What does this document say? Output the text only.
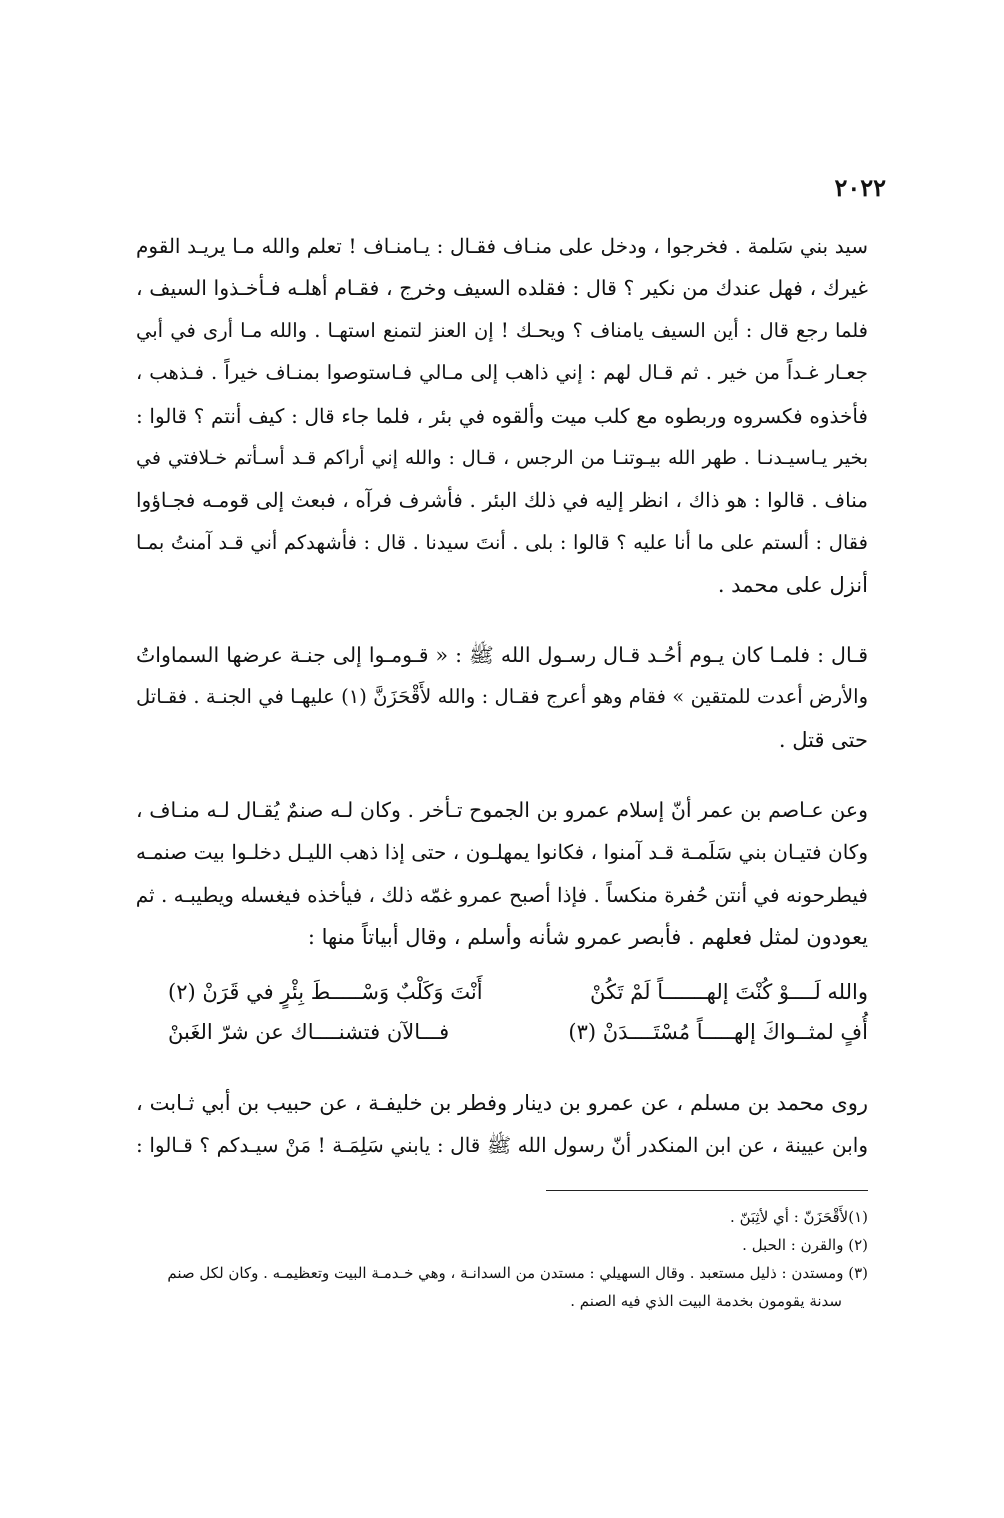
٢٠٢٢
سيد بني سَلمة . فخرجوا ، ودخل على منـاف فقـال : يـامنـاف ! تعلم والله مـا يريـد القوم
غيرك ، فهل عندك من نكير ؟ قال : فقلده السيف وخرج ، فقـام أهلـه فـأخـذوا السيف ،
فلما رجع قال : أين السيف يامناف ؟ ويحـك ! إن العنز لتمنع استهـا . والله مـا أرى في أبي
جعـار غـداً من خير . ثم قـال لهم : إني ذاهب إلى مـالي فـاستوصوا بمنـاف خيراً . فـذهب ،
فأخذوه فكسروه وربطوه مع كلب ميت وألقوه في بئر ، فلما جاء قال : كيف أنتم ؟ قالوا :
بخير يـاسيـدنـا . طهر الله بيـوتنـا من الرجس ، قـال : والله إني أراكم قـد أسـأتم خـلافتي في
مناف . قالوا : هو ذاك ، انظر إليه في ذلك البئر . فأشرف فرآه ، فبعث إلى قومـه فجـاؤوا
فقال : ألستم على ما أنا عليه ؟ قالوا : بلى . أنتَ سيدنا . قال : فأشهدكم أني قـد آمنتُ بمـا
أنزل على محمد .
قـال : فلمـا كان يـوم أحُـد قـال رسـول الله ﷺ : « قـومـوا إلى جنـة عرضها السماواتُ
والأرض أعدت للمتقين » فقام وهو أعرج فقـال : والله لأَقْحَزَنَّ (١) عليهـا في الجنـة . فقـاتل
حتى قتل .
وعن عـاصم بن عمر أنّ إسلام عمرو بن الجموح تـأخر . وكان لـه صنمٌ يُقـال لـه منـاف ،
وكان فتيـان بني سَلَمـة قـد آمنوا ، فكانوا يمهلـون ، حتى إذا ذهب الليـل دخلـوا بيت صنمـه
فيطرحونه في أنتن حُفرة منكساً . فإذا أصبح عمرو غمّه ذلك ، فيأخذه فيغسله ويطيبـه . ثم
يعودون لمثل فعلهم . فأبصر عمرو شأنه وأسلم ، وقال أبياتاً منها :
والله لَــــوْ كُنْتَ إلهـــــــاً لَمْ تَكُنْ
أَنْتَ وَكَلْبٌ وَسْـــــطَ بِئْرٍ في قَرَنْ (٢)
أُفٍ لمثــواكَ إلهـــــاً مُسْتَــــدَنْ (٣)
فـــالآن فتشنــــاك عن شرّ الغَبنْ
روى محمد بن مسلم ، عن عمرو بن دينار وفطر بن خليفـة ، عن حبيب بن أبي ثـابت ،
وابن عيينة ، عن ابن المنكدر أنّ رسول الله ﷺ قال : يابني سَلِمَـة ! مَنْ سيـدكم ؟ قـالوا :
(١)لأَقْحَزَنّ : أي لأثِبَنّ .
(٢) والقرن : الحبل .
(٣) ومستدن : ذليل مستعبد . وقال السهيلي : مستدن من السدانـة ، وهي خـدمـة البيت وتعظيمـه . وكان لكل صنم
سدنة يقومون بخدمة البيت الذي فيه الصنم .
